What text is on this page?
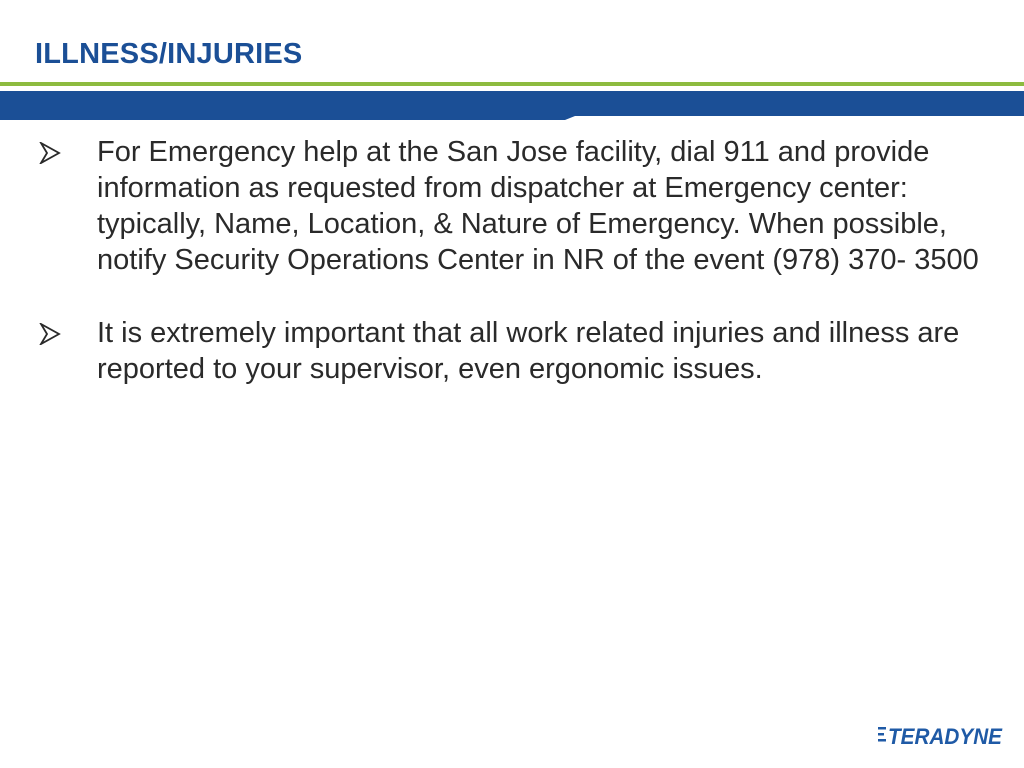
ILLNESS/INJURIES
For Emergency help at the San Jose facility, dial 911 and provide information as requested from dispatcher at Emergency center: typically, Name, Location, & Nature of Emergency. When possible, notify Security Operations Center in NR of the event (978) 370- 3500
It is extremely important that all work related injuries and illness are reported to your supervisor, even ergonomic issues.
TERADYNE
